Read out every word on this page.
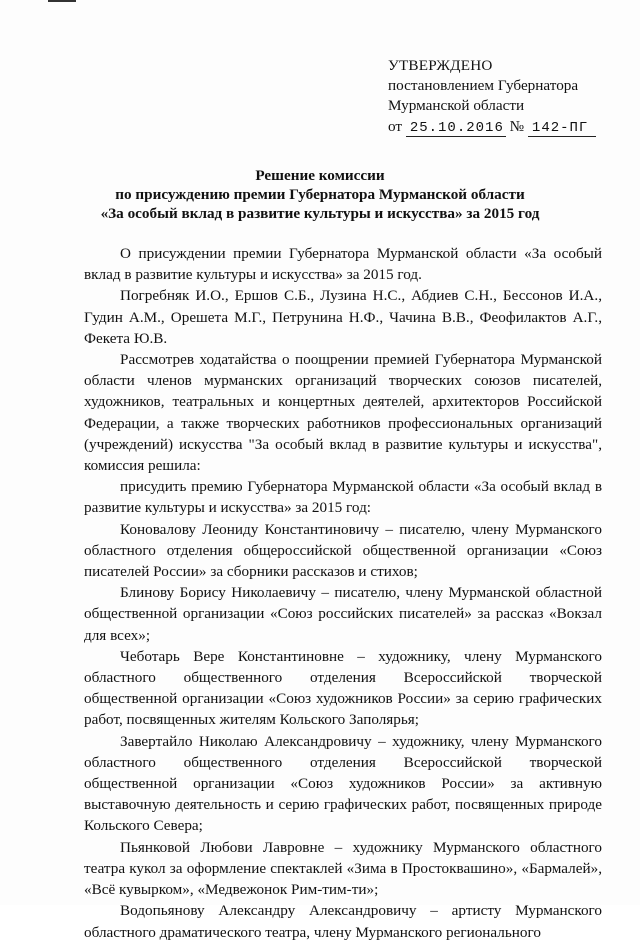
УТВЕРЖДЕНО
постановлением Губернатора
Мурманской области
от 25.10.2016 № 142-ПГ
Решение комиссии
по присуждению премии Губернатора Мурманской области
«За особый вклад в развитие культуры и искусства» за 2015 год

О присуждении премии Губернатора Мурманской области «За особый вклад в развитие культуры и искусства» за 2015 год.

Погребняк И.О., Ершов С.Б., Лузина Н.С., Абдиев С.Н., Бессонов И.А., Гудин А.М., Орешета М.Г., Петрунина Н.Ф., Чачина В.В., Феофилактов А.Г., Фекета Ю.В.

Рассмотрев ходатайства о поощрении премией Губернатора Мурманской области членов мурманских организаций творческих союзов писателей, художников, театральных и концертных деятелей, архитекторов Российской Федерации, а также творческих работников профессиональных организаций (учреждений) искусства "За особый вклад в развитие культуры и искусства", комиссия решила:

присудить премию Губернатора Мурманской области «За особый вклад в развитие культуры и искусства» за 2015 год:

Коновалову Леониду Константиновичу – писателю, члену Мурманского областного отделения общероссийской общественной организации «Союз писателей России» за сборники рассказов и стихов;

Блинову Борису Николаевичу – писателю, члену Мурманской областной общественной организации «Союз российских писателей» за рассказ «Вокзал для всех»;

Чеботарь Вере Константиновне – художнику, члену Мурманского областного общественного отделения Всероссийской творческой общественной организации «Союз художников России» за серию графических работ, посвященных жителям Кольского Заполярья;

Завертайло Николаю Александровичу – художнику, члену Мурманского областного общественного отделения Всероссийской творческой общественной организации «Союз художников России» за активную выставочную деятельность и серию графических работ, посвященных природе Кольского Севера;

Пьянковой Любови Лавровне – художнику Мурманского областного театра кукол за оформление спектаклей «Зима в Простоквашино», «Бармалей», «Всё кувырком», «Медвежонок Рим-тим-ти»;

Водопьянову Александру Александровичу – артисту Мурманского областного драматического театра, члену Мурманского регионального
